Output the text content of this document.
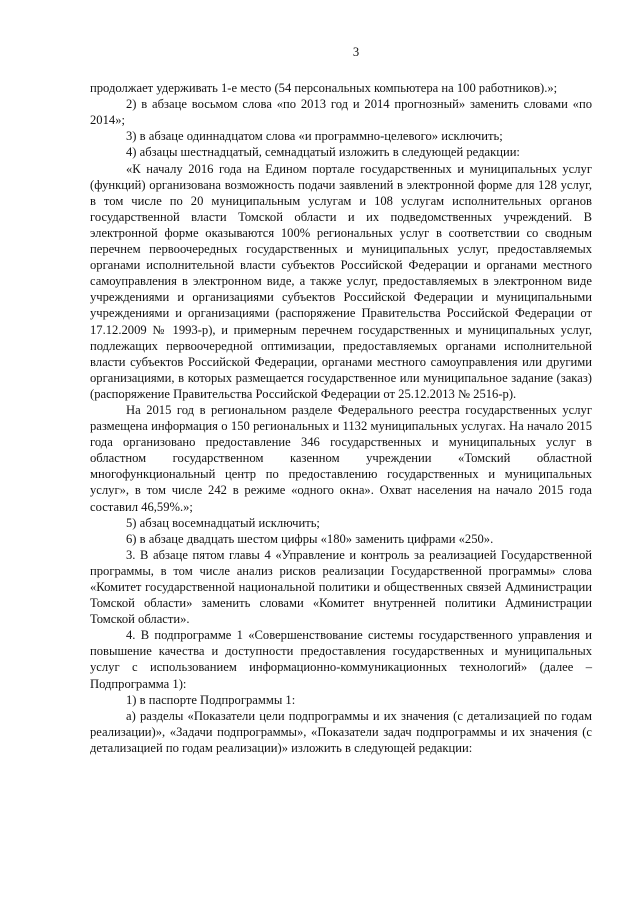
3

продолжает удерживать 1-е место (54 персональных компьютера на 100 работников).»;

2) в абзаце восьмом слова «по 2013 год и 2014 прогнозный» заменить словами «по 2014»;

3) в абзаце одиннадцатом слова «и программно-целевого» исключить;

4) абзацы шестнадцатый, семнадцатый изложить в следующей редакции:

«К началу 2016 года на Едином портале государственных и муниципальных услуг (функций) организована возможность подачи заявлений в электронной форме для 128 услуг, в том числе по 20 муниципальным услугам и 108 услугам исполнительных органов государственной власти Томской области и их подведомственных учреждений. В электронной форме оказываются 100% региональных услуг в соответствии со сводным перечнем первоочередных государственных и муниципальных услуг, предоставляемых органами исполнительной власти субъектов Российской Федерации и органами местного самоуправления в электронном виде, а также услуг, предоставляемых в электронном виде учреждениями и организациями субъектов Российской Федерации и муниципальными учреждениями и организациями (распоряжение Правительства Российской Федерации от 17.12.2009 № 1993-р), и примерным перечнем государственных и муниципальных услуг, подлежащих первоочередной оптимизации, предоставляемых органами исполнительной власти субъектов Российской Федерации, органами местного самоуправления или другими организациями, в которых размещается государственное или муниципальное задание (заказ) (распоряжение Правительства Российской Федерации от 25.12.2013 № 2516-р).

На 2015 год в региональном разделе Федерального реестра государственных услуг размещена информация о 150 региональных и 1132 муниципальных услугах. На начало 2015 года организовано предоставление 346 государственных и муниципальных услуг в областном государственном казенном учреждении «Томский областной многофункциональный центр по предоставлению государственных и муниципальных услуг», в том числе 242 в режиме «одного окна». Охват населения на начало 2015 года составил 46,59%.»;

5) абзац восемнадцатый исключить;

6) в абзаце двадцать шестом цифры «180» заменить цифрами «250».

3. В абзаце пятом главы 4 «Управление и контроль за реализацией Государственной программы, в том числе анализ рисков реализации Государственной программы» слова «Комитет государственной национальной политики и общественных связей Администрации Томской области» заменить словами «Комитет внутренней политики Администрации Томской области».

4. В подпрограмме 1 «Совершенствование системы государственного управления и повышение качества и доступности предоставления государственных и муниципальных услуг с использованием информационно-коммуникационных технологий» (далее – Подпрограмма 1):

1) в паспорте Подпрограммы 1:

а) разделы «Показатели цели подпрограммы и их значения (с детализацией по годам реализации)», «Задачи подпрограммы», «Показатели задач подпрограммы и их значения (с детализацией по годам реализации)» изложить в следующей редакции:
